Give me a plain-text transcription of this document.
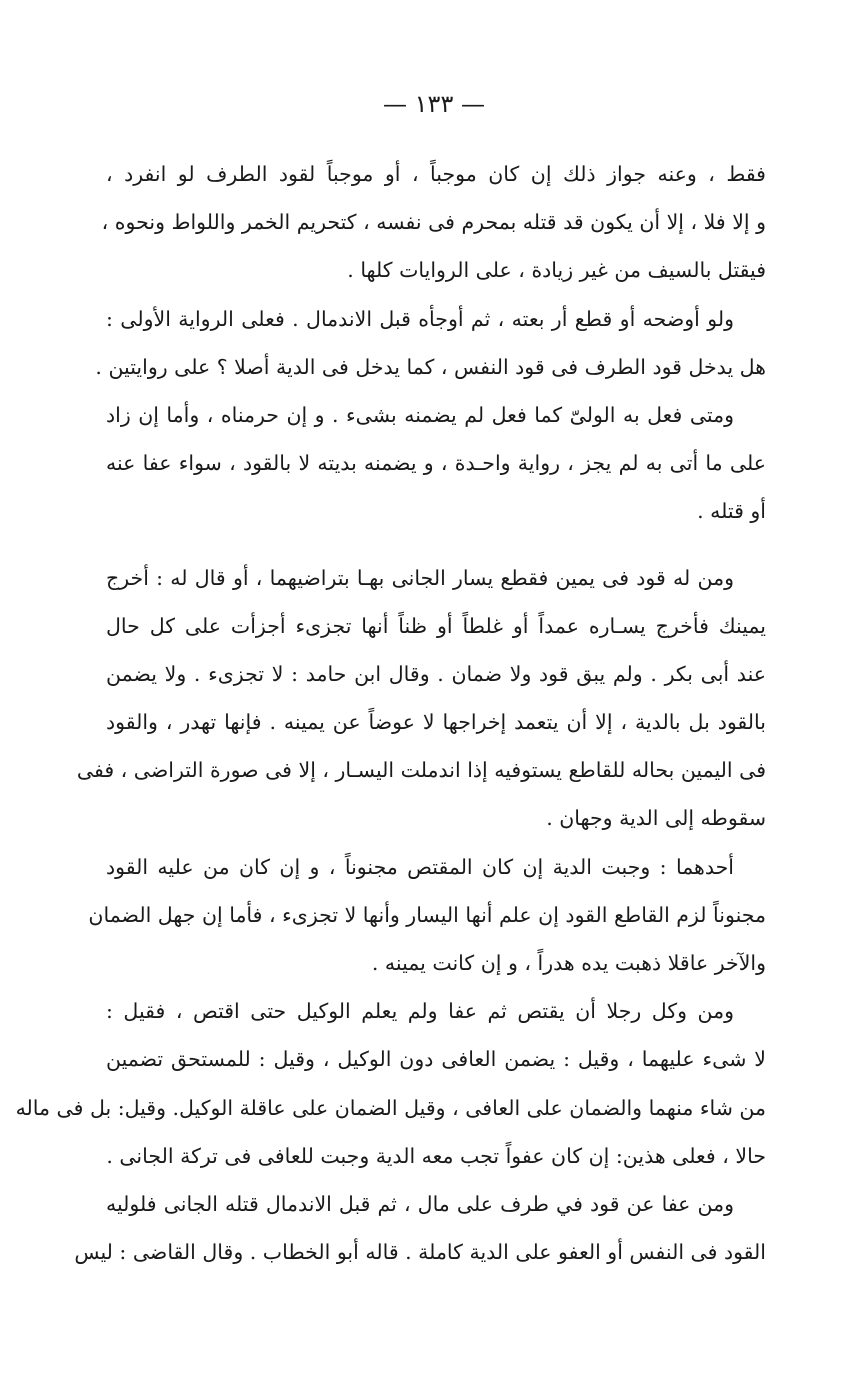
— ١٣٣ —
فقط ، وعنه جواز ذلك إن كان موجباً ، أو موجباً لقود الطرف لو انفرد ،
و إلا فلا ، إلا أن يكون قد قتله بمحرم فى نفسه ، كتحريم الخمر واللواط ونحوه ،
فيقتل بالسيف من غير زيادة ، على الروايات كلها .
ولو أوضحه أو قطع أر بعته ، ثم أوجأه قبل الاندمال . فعلى الرواية الأولى :
هل يدخل قود الطرف فى قود النفس ، كما يدخل فى الدية أصلا ؟ على روايتين .
ومتى فعل به الولىّ كما فعل لم يضمنه بشىء . و إن حرمناه ، وأما إن زاد
على ما أتى به لم يجز ، رواية واحـدة ، و يضمنه بديته لا بالقود ، سواء عفا عنه
أو قتله .
ومن له قود فى يمين فقطع يسار الجانى بهـا بتراضيهما ، أو قال له : أخرج
يمينك فأخرج يسـاره عمداً أو غلطاً أو ظناً أنها تجزىء أجزأت على كل حال
عند أبى بكر . ولم يبق قود ولا ضمان . وقال ابن حامد : لا تجزىء . ولا يضمن
بالقود بل بالدية ، إلا أن يتعمد إخراجها لا عوضاً عن يمينه . فإنها تهدر ، والقود
فى اليمين بحاله للقاطع يستوفيه إذا اندملت اليسـار ، إلا فى صورة التراضى ، ففى
سقوطه إلى الدية وجهان .
أحدهما : وجبت الدية إن كان المقتص مجنوناً ، و إن كان من عليه القود
مجنوناً لزم القاطع القود إن علم أنها اليسار وأنها لا تجزىء ، فأما إن جهل الضمان
والآخر عاقلا ذهبت يده هدراً ، و إن كانت يمينه .
ومن وكل رجلا أن يقتص ثم عفا ولم يعلم الوكيل حتى اقتص ، فقيل :
لا شىء عليهما ، وقيل : يضمن العافى دون الوكيل ، وقيل : للمستحق تضمين
من شاء منهما والضمان على العافى ، وقيل الضمان على عاقلة الوكيل. وقيل: بل فى ماله
حالا ، فعلى هذين: إن كان عفواً تجب معه الدية وجبت للعافى فى تركة الجانى .
ومن عفا عن قود في طرف على مال ، ثم قبل الاندمال قتله الجانى فلوليه
القود فى النفس أو العفو على الدية كاملة . قاله أبو الخطاب . وقال القاضى : ليس
